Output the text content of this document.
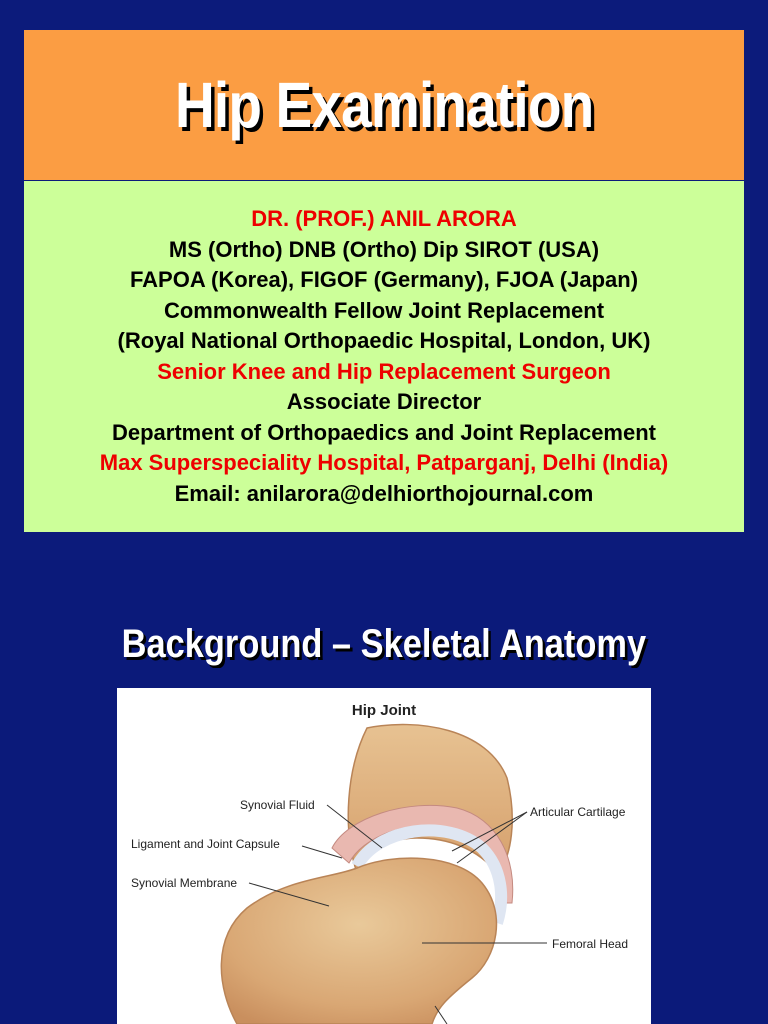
Hip Examination
DR. (PROF.) ANIL ARORA
MS (Ortho) DNB (Ortho) Dip SIROT (USA)
FAPOA (Korea), FIGOF (Germany), FJOA (Japan)
Commonwealth Fellow Joint Replacement
(Royal National Orthopaedic Hospital, London, UK)
Senior Knee and Hip Replacement Surgeon
Associate Director
Department of Orthopaedics and Joint Replacement
Max Superspeciality Hospital, Patparganj, Delhi (India)
Email: anilarora@delhiorthojournal.com
Background – Skeletal Anatomy
Hip Joint
Synovial Fluid	Articular Cartilage
Ligament and Joint Capsule
Synovial Membrane
Femoral Head
